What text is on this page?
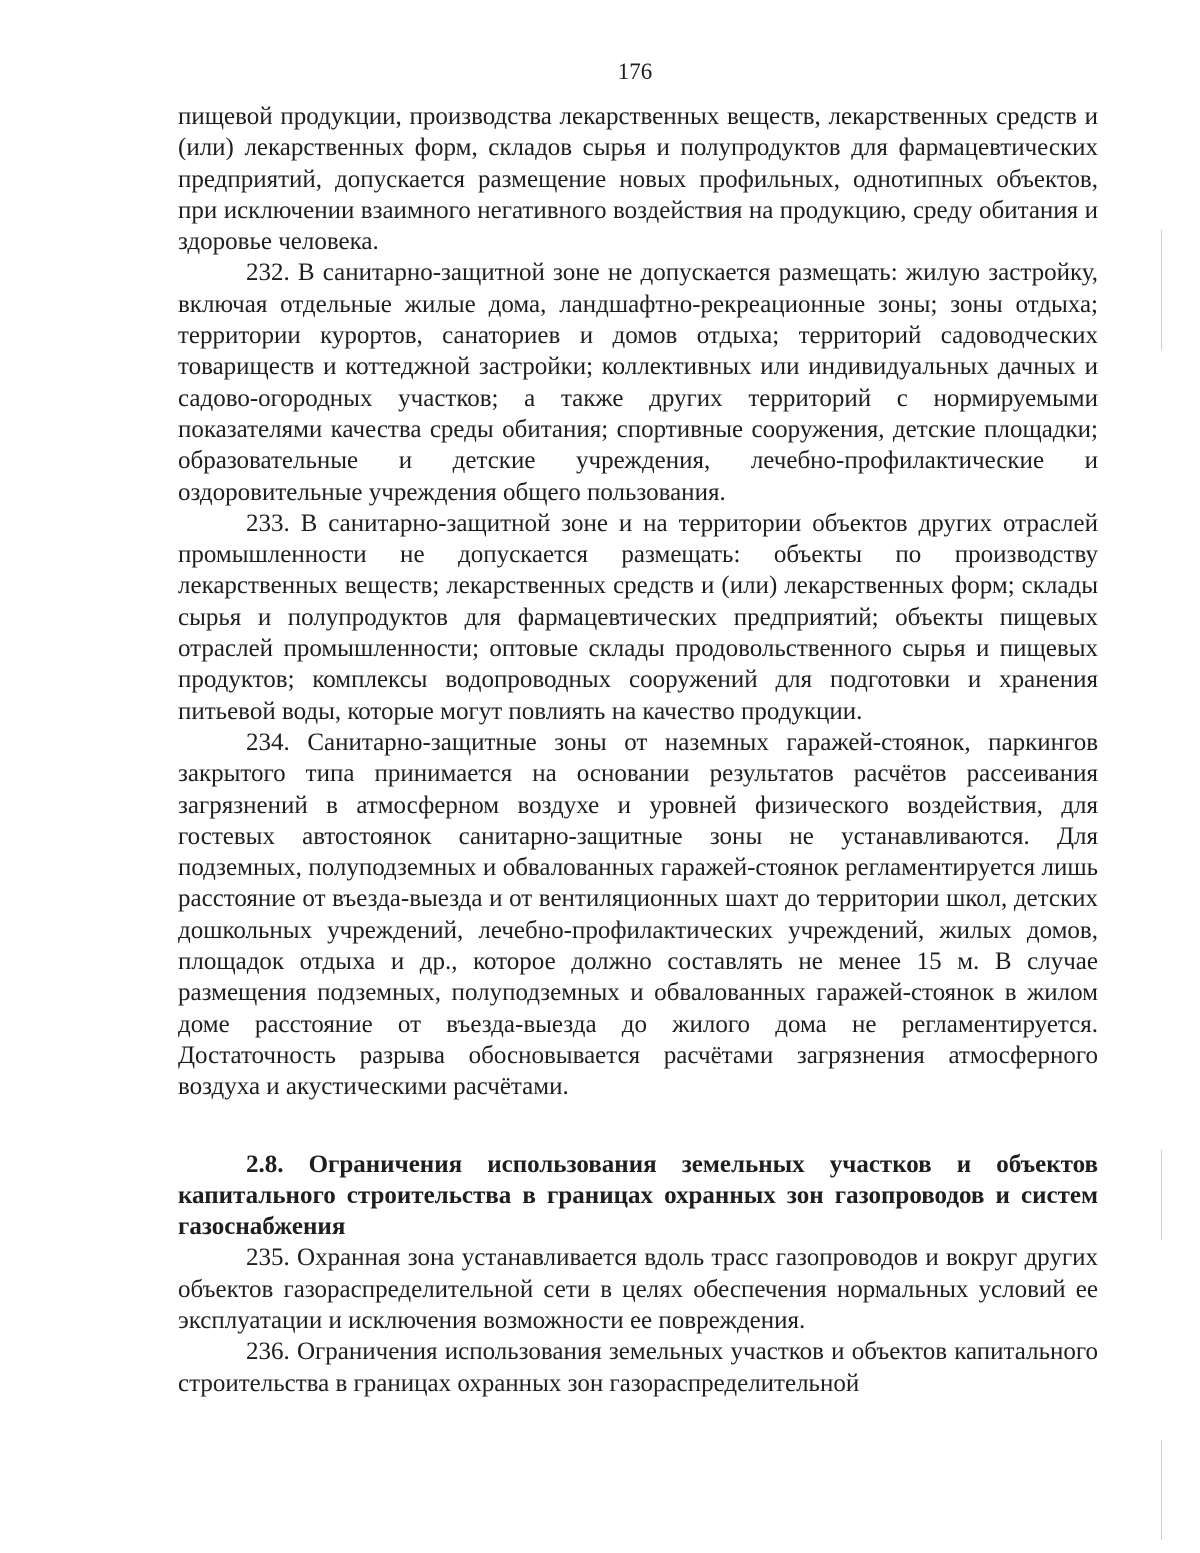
176

пищевой продукции, производства лекарственных веществ, лекарственных средств и (или) лекарственных форм, складов сырья и полупродуктов для фармацевтических предприятий, допускается размещение новых профильных, однотипных объектов, при исключении взаимного негативного воздействия на продукцию, среду обитания и здоровье человека.

232. В санитарно-защитной зоне не допускается размещать: жилую застройку, включая отдельные жилые дома, ландшафтно-рекреационные зоны; зоны отдыха; территории курортов, санаториев и домов отдыха; территорий садоводческих товариществ и коттеджной застройки; коллективных или индивидуальных дачных и садово-огородных участков; а также других территорий с нормируемыми показателями качества среды обитания; спортивные сооружения, детские площадки; образовательные и детские учреждения, лечебно-профилактические и оздоровительные учреждения общего пользования.

233. В санитарно-защитной зоне и на территории объектов других отраслей промышленности не допускается размещать: объекты по производству лекарственных веществ; лекарственных средств и (или) лекарственных форм; склады сырья и полупродуктов для фармацевтических предприятий; объекты пищевых отраслей промышленности; оптовые склады продовольственного сырья и пищевых продуктов; комплексы водопроводных сооружений для подготовки и хранения питьевой воды, которые могут повлиять на качество продукции.

234. Санитарно-защитные зоны от наземных гаражей-стоянок, паркингов закрытого типа принимается на основании результатов расчётов рассеивания загрязнений в атмосферном воздухе и уровней физического воздействия, для гостевых автостоянок санитарно-защитные зоны не устанавливаются. Для подземных, полуподземных и обвалованных гаражей-стоянок регламентируется лишь расстояние от въезда-выезда и от вентиляционных шахт до территории школ, детских дошкольных учреждений, лечебно-профилактических учреждений, жилых домов, площадок отдыха и др., которое должно составлять не менее 15 м. В случае размещения подземных, полуподземных и обвалованных гаражей-стоянок в жилом доме расстояние от въезда-выезда до жилого дома не регламентируется. Достаточность разрыва обосновывается расчётами загрязнения атмосферного воздуха и акустическими расчётами.

2.8. Ограничения использования земельных участков и объектов капитального строительства в границах охранных зон газопроводов и систем газоснабжения

235. Охранная зона устанавливается вдоль трасс газопроводов и вокруг других объектов газораспределительной сети в целях обеспечения нормальных условий ее эксплуатации и исключения возможности ее повреждения.

236. Ограничения использования земельных участков и объектов капитального строительства в границах охранных зон газораспределительной
